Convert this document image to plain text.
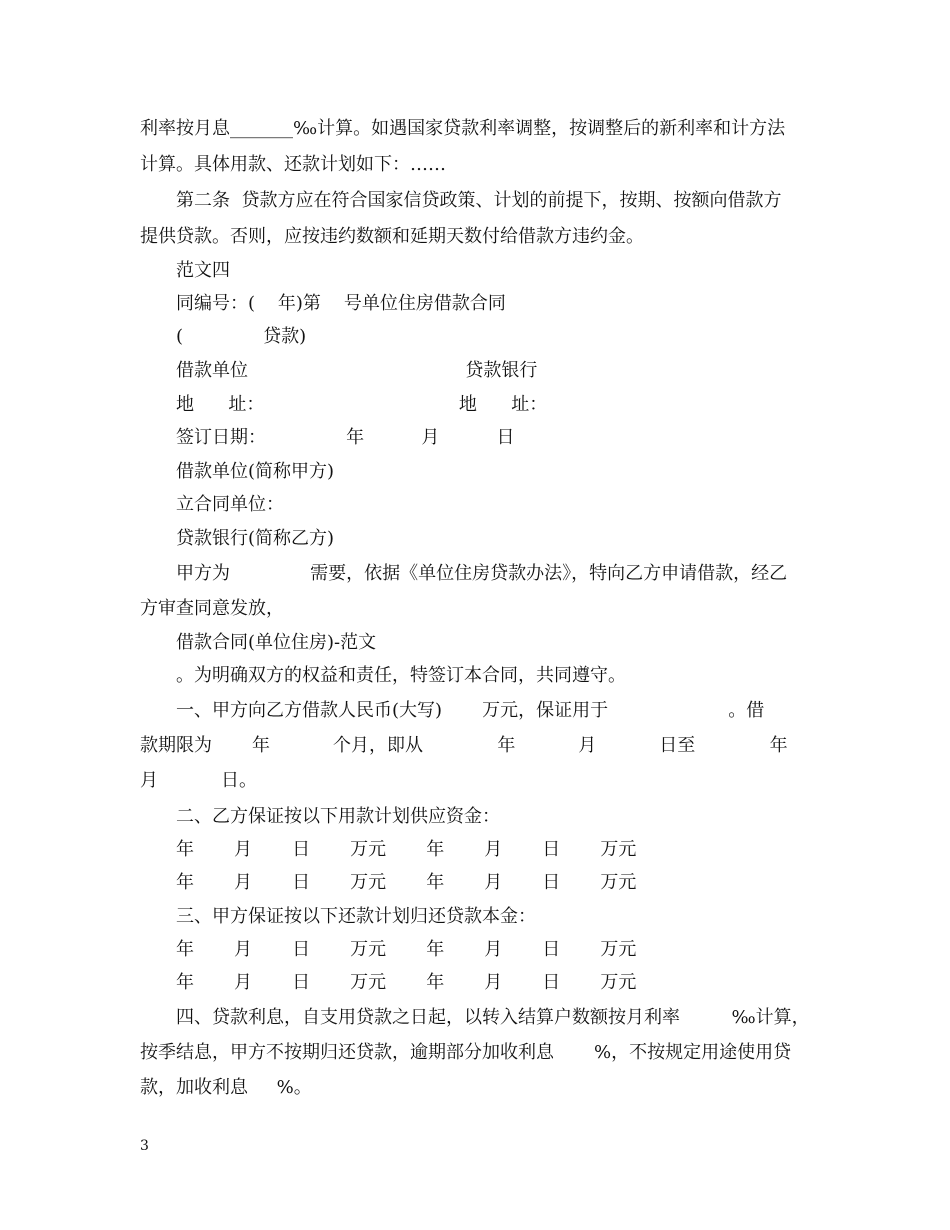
利率按月息_______‰计算。如遇国家贷款利率调整，按调整后的新利率和计方法
计算。具体用款、还款计划如下：……
第二条  贷款方应在符合国家信贷政策、计划的前提下，按期、按额向借款方
提供贷款。否则，应按违约数额和延期天数付给借款方违约金。
范文四
同编号：(    年)第    号单位住房借款合同
(              贷款)
借款单位                                      贷款银行
地      址：                                  地      址：
签订日期：              年          月          日
借款单位(简称甲方)
立合同单位：
贷款银行(简称乙方)
甲方为              需要，依据《单位住房贷款办法》，特向乙方申请借款，经乙
方审查同意发放，
借款合同(单位住房)-范文
。为明确双方的权益和责任，特签订本合同，共同遵守。
一、甲方向乙方借款人民币(大写)       万元，保证用于                     。借
款期限为       年           个月，即从             年           月           日至             年
月           日。
二、乙方保证按以下用款计划供应资金：
年       月       日       万元       年       月       日       万元
年       月       日       万元       年       月       日       万元
三、甲方保证按以下还款计划归还贷款本金：
年       月       日       万元       年       月       日       万元
年       月       日       万元       年       月       日       万元
四、贷款利息，自支用贷款之日起，以转入结算户数额按月利率         ‰计算，
按季结息，甲方不按期归还贷款，逾期部分加收利息       %，不按规定用途使用贷
款，加收利息     %。
3
